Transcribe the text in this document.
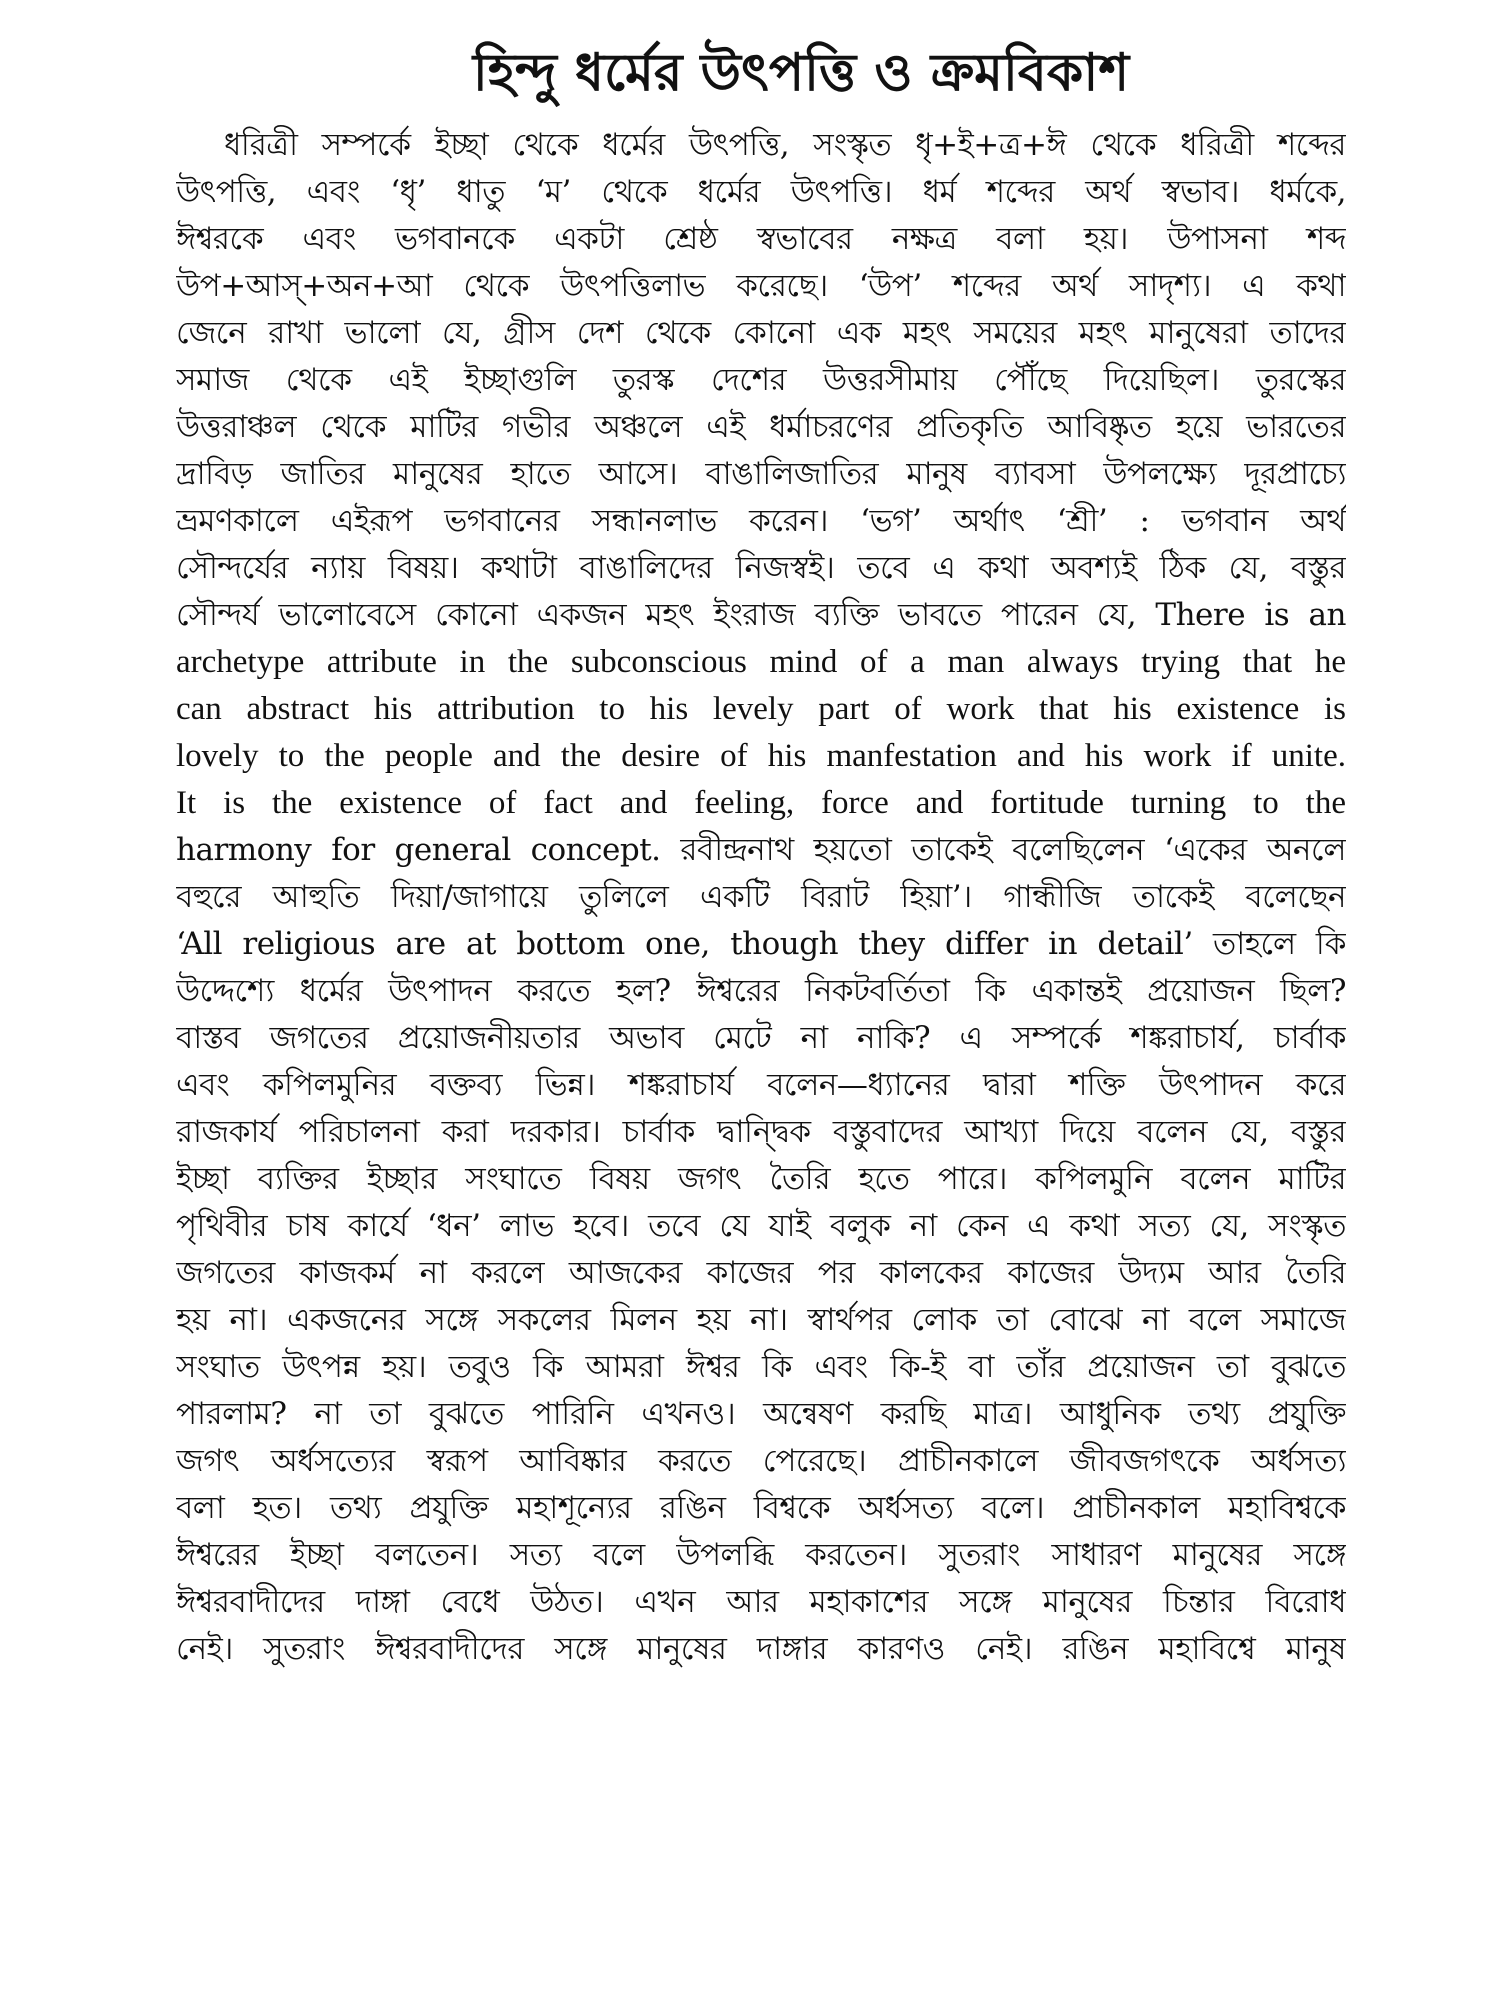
হিন্দু ধর্মের উৎপত্তি ও ক্রমবিকাশ
ধরিত্রী সম্পর্কে ইচ্ছা থেকে ধর্মের উৎপত্তি, সংস্কৃত ধৃ+ই+ত্র+ঈ থেকে ধরিত্রী শব্দের
উৎপত্তি, এবং ‘ধৃ’ ধাতু ‘ম’ থেকে ধর্মের উৎপত্তি। ধর্ম শব্দের অর্থ স্বভাব। ধর্মকে,
ঈশ্বরকে এবং ভগবানকে একটা শ্রেষ্ঠ স্বভাবের নক্ষত্র বলা হয়। উপাসনা শব্দ
উপ+আস্+অন+আ থেকে উৎপত্তিলাভ করেছে। ‘উপ’ শব্দের অর্থ সাদৃশ্য। এ কথা
জেনে রাখা ভালো যে, গ্রীস দেশ থেকে কোনো এক মহৎ সময়ের মহৎ মানুষেরা তাদের
সমাজ থেকে এই ইচ্ছাগুলি তুরস্ক দেশের উত্তরসীমায় পৌঁছে দিয়েছিল। তুরস্কের
উত্তরাঞ্চল থেকে মাটির গভীর অঞ্চলে এই ধর্মাচরণের প্রতিকৃতি আবিষ্কৃত হয়ে ভারতের
দ্রাবিড় জাতির মানুষের হাতে আসে। বাঙালিজাতির মানুষ ব্যাবসা উপলক্ষ্যে দূরপ্রাচ্যে
ভ্রমণকালে এইরূপ ভগবানের সন্ধানলাভ করেন। ‘ভগ’ অর্থাৎ ‘শ্রী’ : ভগবান অর্থ
সৌন্দর্যের ন্যায় বিষয়। কথাটা বাঙালিদের নিজস্বই। তবে এ কথা অবশ্যই ঠিক যে, বস্তুর
সৌন্দর্য ভালোবেসে কোনো একজন মহৎ ইংরাজ ব্যক্তি ভাবতে পারেন যে, There is an
archetype attribute in the subconscious mind of a man always trying that he
can abstract his attribution to his levely part of work that his existence is
lovely to the people and the desire of his manfestation and his work if unite.
It is the existence of fact and feeling, force and fortitude turning to the
harmony for general concept. রবীন্দ্রনাথ হয়তো তাকেই বলেছিলেন ‘একের অনলে
বহুরে আহুতি দিয়া/জাগায়ে তুলিলে একটি বিরাট হিয়া’। গান্ধীজি তাকেই বলেছেন
‘All religious are at bottom one, though they differ in detail’ তাহলে কি
উদ্দেশ্যে ধর্মের উৎপাদন করতে হল? ঈশ্বরের নিকটবর্তিতা কি একান্তই প্রয়োজন ছিল?
বাস্তব জগতের প্রয়োজনীয়তার অভাব মেটে না নাকি? এ সম্পর্কে শঙ্করাচার্য, চার্বাক
এবং কপিলমুনির বক্তব্য ভিন্ন। শঙ্করাচার্য বলেন—ধ্যানের দ্বারা শক্তি উৎপাদন করে
রাজকার্য পরিচালনা করা দরকার। চার্বাক দ্বান্দ্বিক বস্তুবাদের আখ্যা দিয়ে বলেন যে, বস্তুর
ইচ্ছা ব্যক্তির ইচ্ছার সংঘাতে বিষয় জগৎ তৈরি হতে পারে। কপিলমুনি বলেন মাটির
পৃথিবীর চাষ কার্যে ‘ধন’ লাভ হবে। তবে যে যাই বলুক না কেন এ কথা সত্য যে, সংস্কৃত
জগতের কাজকর্ম না করলে আজকের কাজের পর কালকের কাজের উদ্যম আর তৈরি
হয় না। একজনের সঙ্গে সকলের মিলন হয় না। স্বার্থপর লোক তা বোঝে না বলে সমাজে
সংঘাত উৎপন্ন হয়। তবুও কি আমরা ঈশ্বর কি এবং কি-ই বা তাঁর প্রয়োজন তা বুঝতে
পারলাম? না তা বুঝতে পারিনি এখনও। অন্বেষণ করছি মাত্র। আধুনিক তথ্য প্রযুক্তি
জগৎ অর্ধসত্যের স্বরূপ আবিষ্কার করতে পেরেছে। প্রাচীনকালে জীবজগৎকে অর্ধসত্য
বলা হত। তথ্য প্রযুক্তি মহাশূন্যের রঙিন বিশ্বকে অর্ধসত্য বলে। প্রাচীনকাল মহাবিশ্বকে
ঈশ্বরের ইচ্ছা বলতেন। সত্য বলে উপলব্ধি করতেন। সুতরাং সাধারণ মানুষের সঙ্গে
ঈশ্বরবাদীদের দাঙ্গা বেধে উঠত। এখন আর মহাকাশের সঙ্গে মানুষের চিন্তার বিরোধ
নেই। সুতরাং ঈশ্বরবাদীদের সঙ্গে মানুষের দাঙ্গার কারণও নেই। রঙিন মহাবিশ্বে মানুষ
